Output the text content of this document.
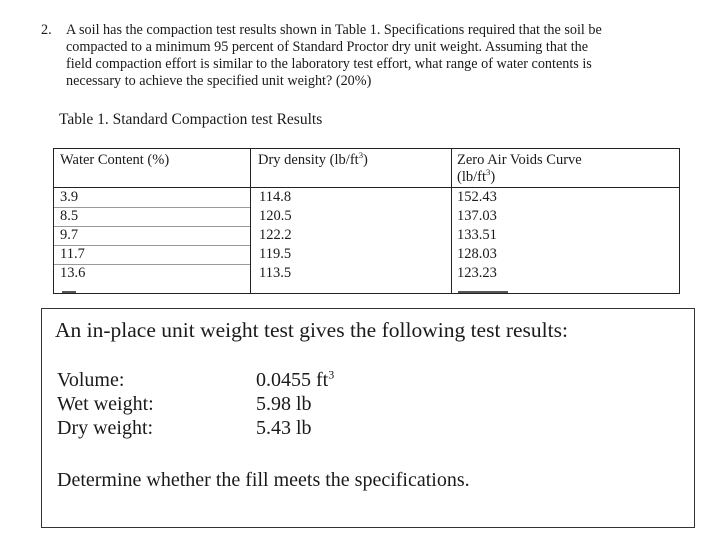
2. A soil has the compaction test results shown in Table 1. Specifications required that the soil be
compacted to a minimum 95 percent of Standard Proctor dry unit weight. Assuming that the
field compaction effort is similar to the laboratory test effort, what range of water contents is
necessary to achieve the specified unit weight? (20%)
Table 1. Standard Compaction test Results
Water Content (%)	Dry density $(lb/ft^3)$	Zero Air Voids Curve
$(lb/ft^3)$
3.9	114.8	152.43
8.5	120.5	137.03
9.7	122.2	133.51
11.7	119.5	128.03
13.6	113.5	123.23
An in-place unit weight test gives the following test results:
Volume:	0.0455 $ft^3$
Wet weight:	5.98 lb
Dry weight:	5.43 lb
Determine whether the fill meets the specifications.
